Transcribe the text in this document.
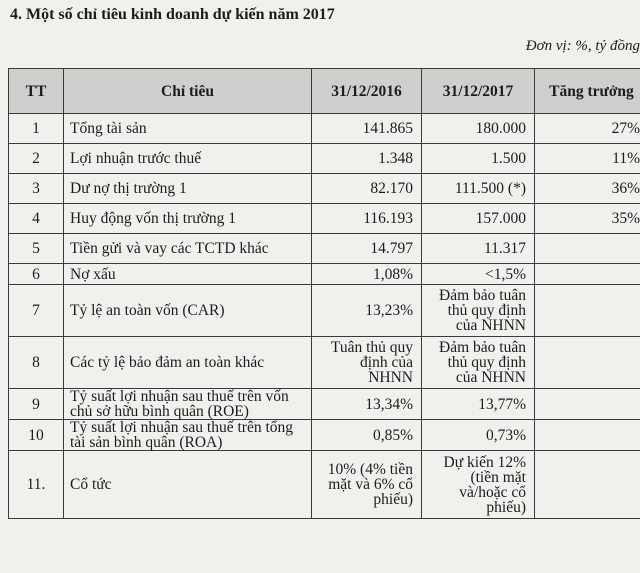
4. Một số chỉ tiêu kinh doanh dự kiến năm 2017
Đơn vị: %, tỷ đồng
TT	Chỉ tiêu	31/12/2016	31/12/2017	Tăng trưởng
1	Tổng tài sản	141.865	180.000	27%
2	Lợi nhuận trước thuế	1.348	1.500	11%
3	Dư nợ thị trường 1	82.170	111.500 (*)	36%
4	Huy động vốn thị trường 1	116.193	157.000	35%
5	Tiền gửi và vay các TCTD khác	14.797	11.317	
6	Nợ xấu	1,08%	<1,5%	
7	Tỷ lệ an toàn vốn (CAR)	13,23%	Đảm bảo tuân thủ quy định của NHNN	
8	Các tỷ lệ bảo đảm an toàn khác	Tuân thủ quy định của NHNN	Đảm bảo tuân thủ quy định của NHNN	
9	Tỷ suất lợi nhuận sau thuế trên vốn chủ sở hữu bình quân (ROE)	13,34%	13,77%	
10	Tỷ suất lợi nhuận sau thuế trên tổng tài sản bình quân (ROA)	0,85%	0,73%	
11.	Cổ tức	10% (4% tiền mặt và 6% cổ phiếu)	Dự kiến 12% (tiền mặt và/hoặc cổ phiếu)	
